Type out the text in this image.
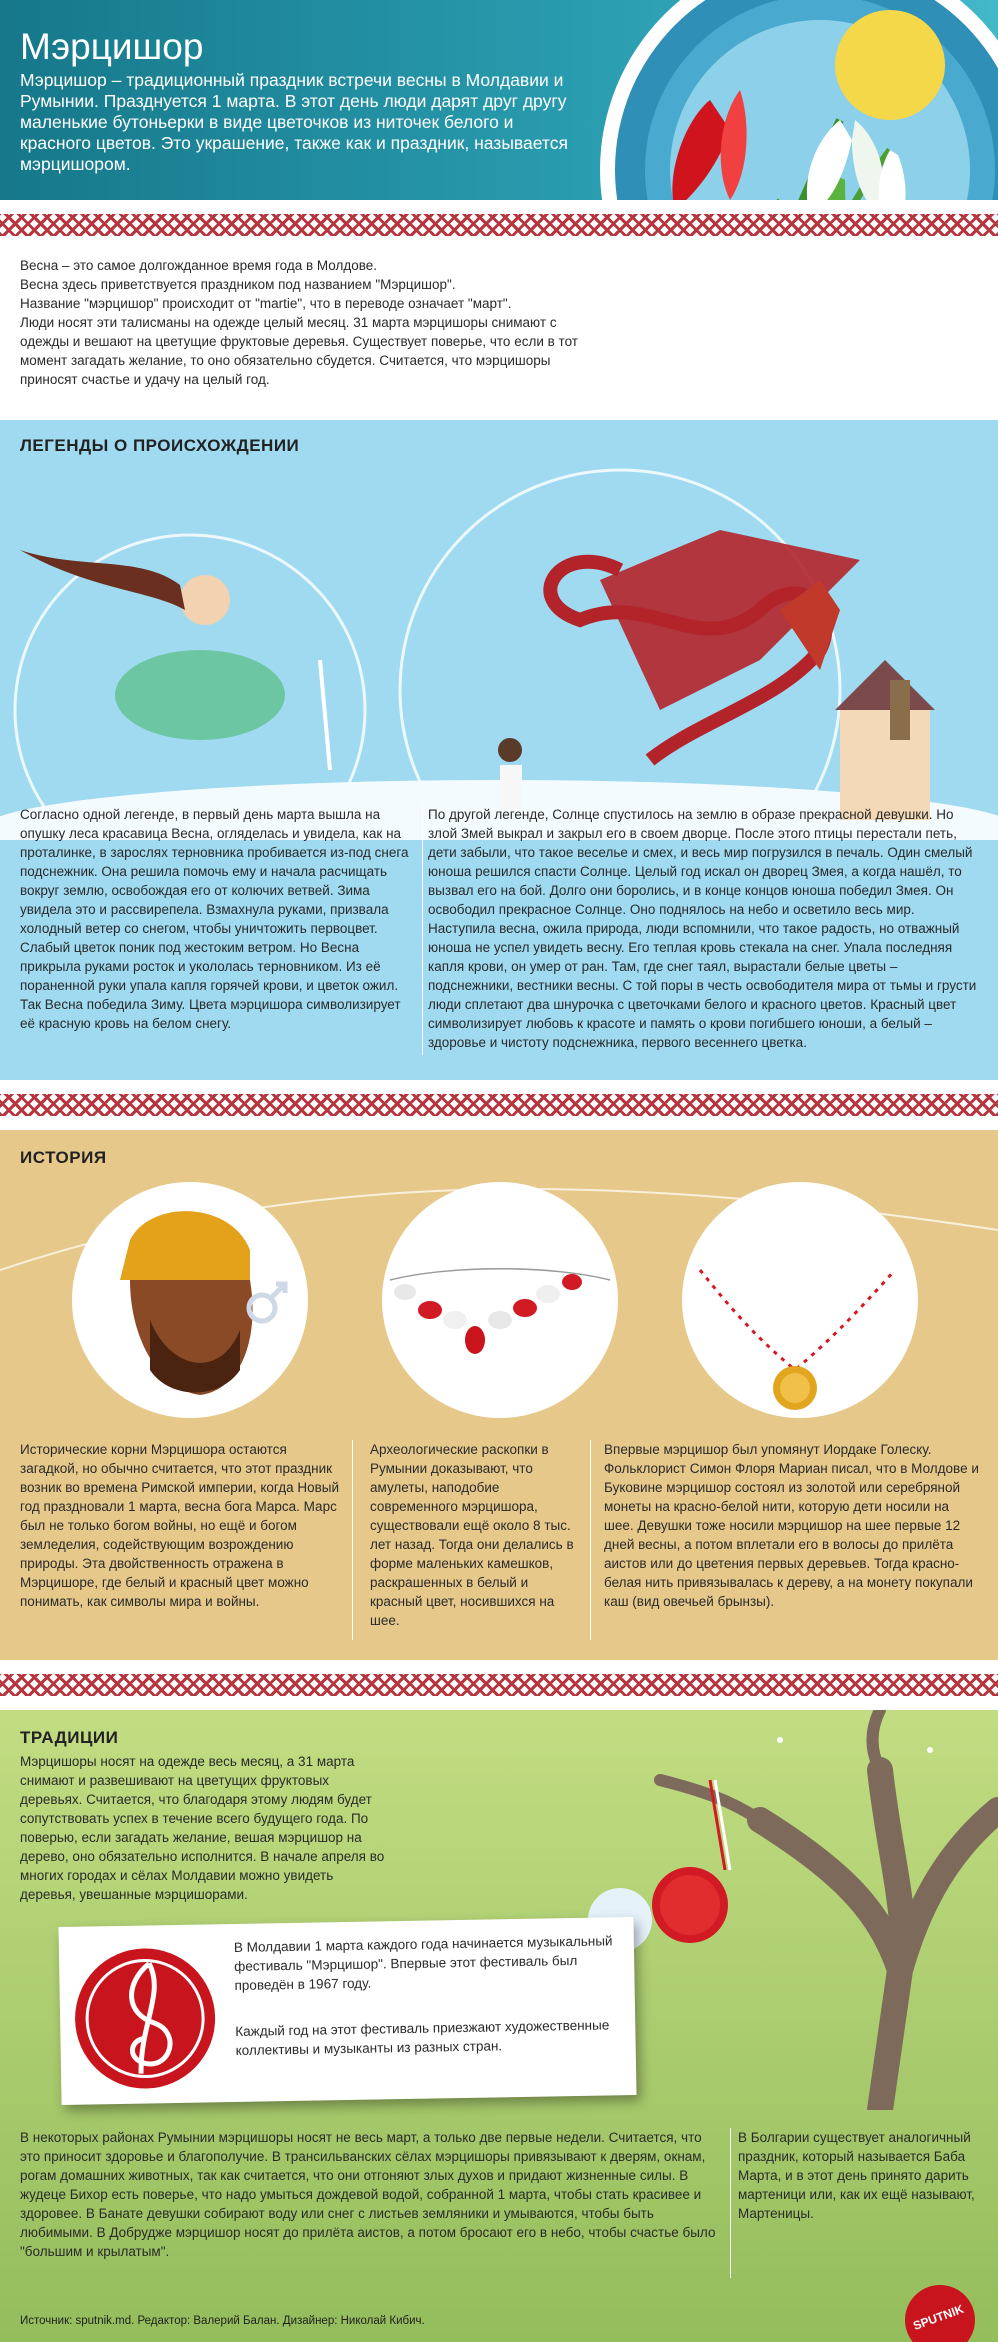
Мэрцишор
Мэрцишор – традиционный праздник встречи весны в Молдавии и Румынии. Празднуется 1 марта. В этот день люди дарят друг другу маленькие бутоньерки в виде цветочков из ниточек белого и красного цветов. Это украшение, также как и праздник, называется мэрцишором.
Весна – это самое долгожданное время года в Молдове.
Весна здесь приветствуется праздником под названием "Мэрцишор".
Название "мэрцишор" происходит от "martie", что в переводе означает "март".
Люди носят эти талисманы на одежде целый месяц. 31 марта мэрцишоры снимают с одежды и вешают на цветущие фруктовые деревья. Существует поверье, что если в тот момент загадать желание, то оно обязательно сбудется. Считается, что мэрцишоры приносят счастье и удачу на целый год.
ЛЕГЕНДЫ О ПРОИСХОЖДЕНИИ
Согласно одной легенде, в первый день марта вышла на опушку леса красавица Весна, огляделась и увидела, как на проталинке, в зарослях терновника пробивается из-под снега подснежник. Она решила помочь ему и начала расчищать вокруг землю, освобождая его от колючих ветвей. Зима увидела это и рассвирепела. Взмахнула руками, призвала холодный ветер со снегом, чтобы уничтожить первоцвет. Слабый цветок поник под жестоким ветром. Но Весна прикрыла руками росток и укололась терновником. Из её пораненной руки упала капля горячей крови, и цветок ожил. Так Весна победила Зиму. Цвета мэрцишора символизирует её красную кровь на белом снегу.
По другой легенде, Солнце спустилось на землю в образе прекрасной девушки. Но злой Змей выкрал и закрыл его в своем дворце. После этого птицы перестали петь, дети забыли, что такое веселье и смех, и весь мир погрузился в печаль. Один смелый юноша решился спасти Солнце. Целый год искал он дворец Змея, а когда нашёл, то вызвал его на бой. Долго они боролись, и в конце концов юноша победил Змея. Он освободил прекрасное Солнце. Оно поднялось на небо и осветило весь мир. Наступила весна, ожила природа, люди вспомнили, что такое радость, но отважный юноша не успел увидеть весну. Его теплая кровь стекала на снег. Упала последняя капля крови, он умер от ран. Там, где снег таял, вырастали белые цветы – подснежники, вестники весны. С той поры в честь освободителя мира от тьмы и грусти люди сплетают два шнурочка с цветочками белого и красного цветов. Красный цвет символизирует любовь к красоте и память о крови погибшего юноши, а белый – здоровье и чистоту подснежника, первого весеннего цветка.
ИСТОРИЯ
Исторические корни Мэрцишора остаются загадкой, но обычно считается, что этот праздник возник во времена Римской империи, когда Новый год праздновали 1 марта, весна бога Марса. Марс был не только богом войны, но ещё и богом земледелия, содействующим возрождению природы. Эта двойственность отражена в Мэрцишоре, где белый и красный цвет можно понимать, как символы мира и войны.
Археологические раскопки в Румынии доказывают, что амулеты, наподобие современного мэрцишора, существовали ещё около 8 тыс. лет назад. Тогда они делались в форме маленьких камешков, раскрашенных в белый и красный цвет, носившихся на шее.
Впервые мэрцишор был упомянут Иордаке Голеску. Фольклорист Симон Флоря Мариан писал, что в Молдове и Буковине мэрцишор состоял из золотой или серебряной монеты на красно-белой нити, которую дети носили на шее. Девушки тоже носили мэрцишор на шее первые 12 дней весны, а потом вплетали его в волосы до прилёта аистов или до цветения первых деревьев. Тогда красно-белая нить привязывалась к дереву, а на монету покупали каш (вид овечьей брынзы).
ТРАДИЦИИ
Мэрцишоры носят на одежде весь месяц, а 31 марта снимают и развешивают на цветущих фруктовых деревьях. Считается, что благодаря этому людям будет сопутствовать успех в течение всего будущего года. По поверью, если загадать желание, вешая мэрцишор на дерево, оно обязательно исполнится. В начале апреля во многих городах и сёлах Молдавии можно увидеть деревья, увешанные мэрцишорами.
В Молдавии 1 марта каждого года начинается музыкальный фестиваль "Мэрцишор". Впервые этот фестиваль был проведён в 1967 году.
Каждый год на этот фестиваль приезжают художественные коллективы и музыканты из разных стран.
В некоторых районах Румынии мэрцишоры носят не весь март, а только две первые недели. Считается, что это приносит здоровье и благополучие. В трансильванских сёлах мэрцишоры привязывают к дверям, окнам, рогам домашних животных, так как считается, что они отгоняют злых духов и придают жизненные силы. В жудеце Бихор есть поверье, что надо умыться дождевой водой, собранной 1 марта, чтобы стать красивее и здоровее. В Банате девушки собирают воду или снег с листьев земляники и умываются, чтобы быть любимыми. В Добрудже мэрцишор носят до прилёта аистов, а потом бросают его в небо, чтобы счастье было "большим и крылатым".
В Болгарии существует аналогичный праздник, который называется Баба Марта, и в этот день принято дарить мартеници или, как их ещё называют, Мартеницы.
Источник: sputnik.md. Редактор: Валерий Балан. Дизайнер: Николай Кибич.	SPUTNIK
